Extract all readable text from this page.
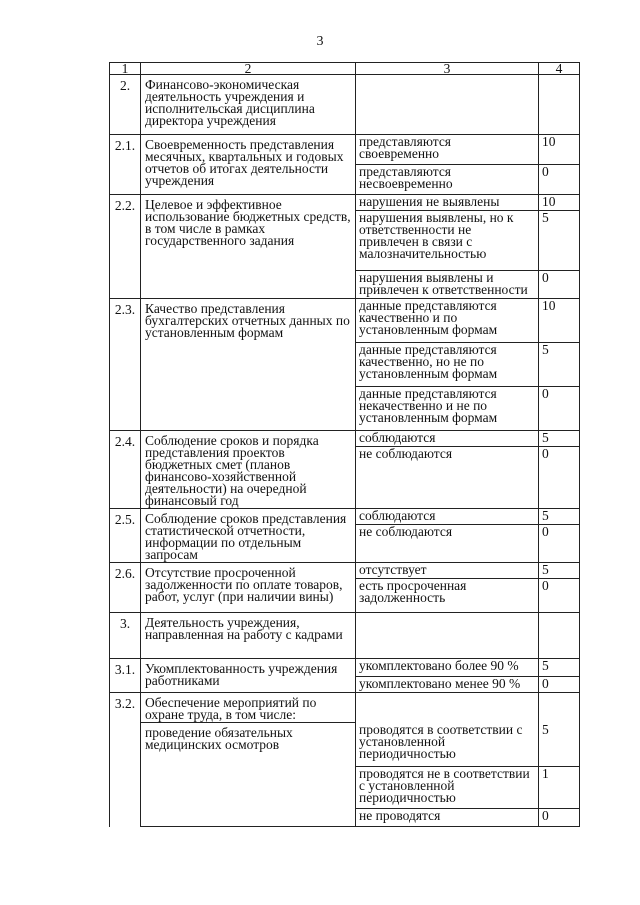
3
1	2	3	4
2.	Финансово-экономическая деятельность учреждения и исполнительская дисциплина директора учреждения		
2.1.	Своевременность представления месячных, квартальных и годовых отчетов об итогах деятельности учреждения	представляются своевременно	10
		представляются несвоевременно	0
2.2.	Целевое и эффективное использование бюджетных средств, в том числе в рамках государственного задания	нарушения не выявлены	10
		нарушения выявлены, но к ответственности не привлечен в связи с малозначительностью	5
		нарушения выявлены и привлечен к ответственности	0
2.3.	Качество представления бухгалтерских отчетных данных по установленным формам	данные представляются качественно и по установленным формам	10
		данные представляются качественно, но не по установленным формам	5
		данные представляются некачественно и не по установленным формам	0
2.4.	Соблюдение сроков и порядка представления проектов бюджетных смет (планов финансово-хозяйственной деятельности) на очередной финансовый год	соблюдаются	5
		не соблюдаются	0
2.5.	Соблюдение сроков представления статистической отчетности, информации по отдельным запросам	соблюдаются	5
		не соблюдаются	0
2.6.	Отсутствие просроченной задолженности по оплате товаров, работ, услуг (при наличии вины)	отсутствует	5
		есть просроченная задолженность	0
3.	Деятельность учреждения, направленная на работу с кадрами		
3.1.	Укомплектованность учреждения работниками	укомплектовано более 90 %	5
		укомплектовано менее 90 %	0
3.2.	Обеспечение мероприятий по охране труда, в том числе:		
	проведение обязательных медицинских осмотров	проводятся в соответствии с установленной периодичностью	5
		проводятся не в соответствии с установленной периодичностью	1
		не проводятся	0
